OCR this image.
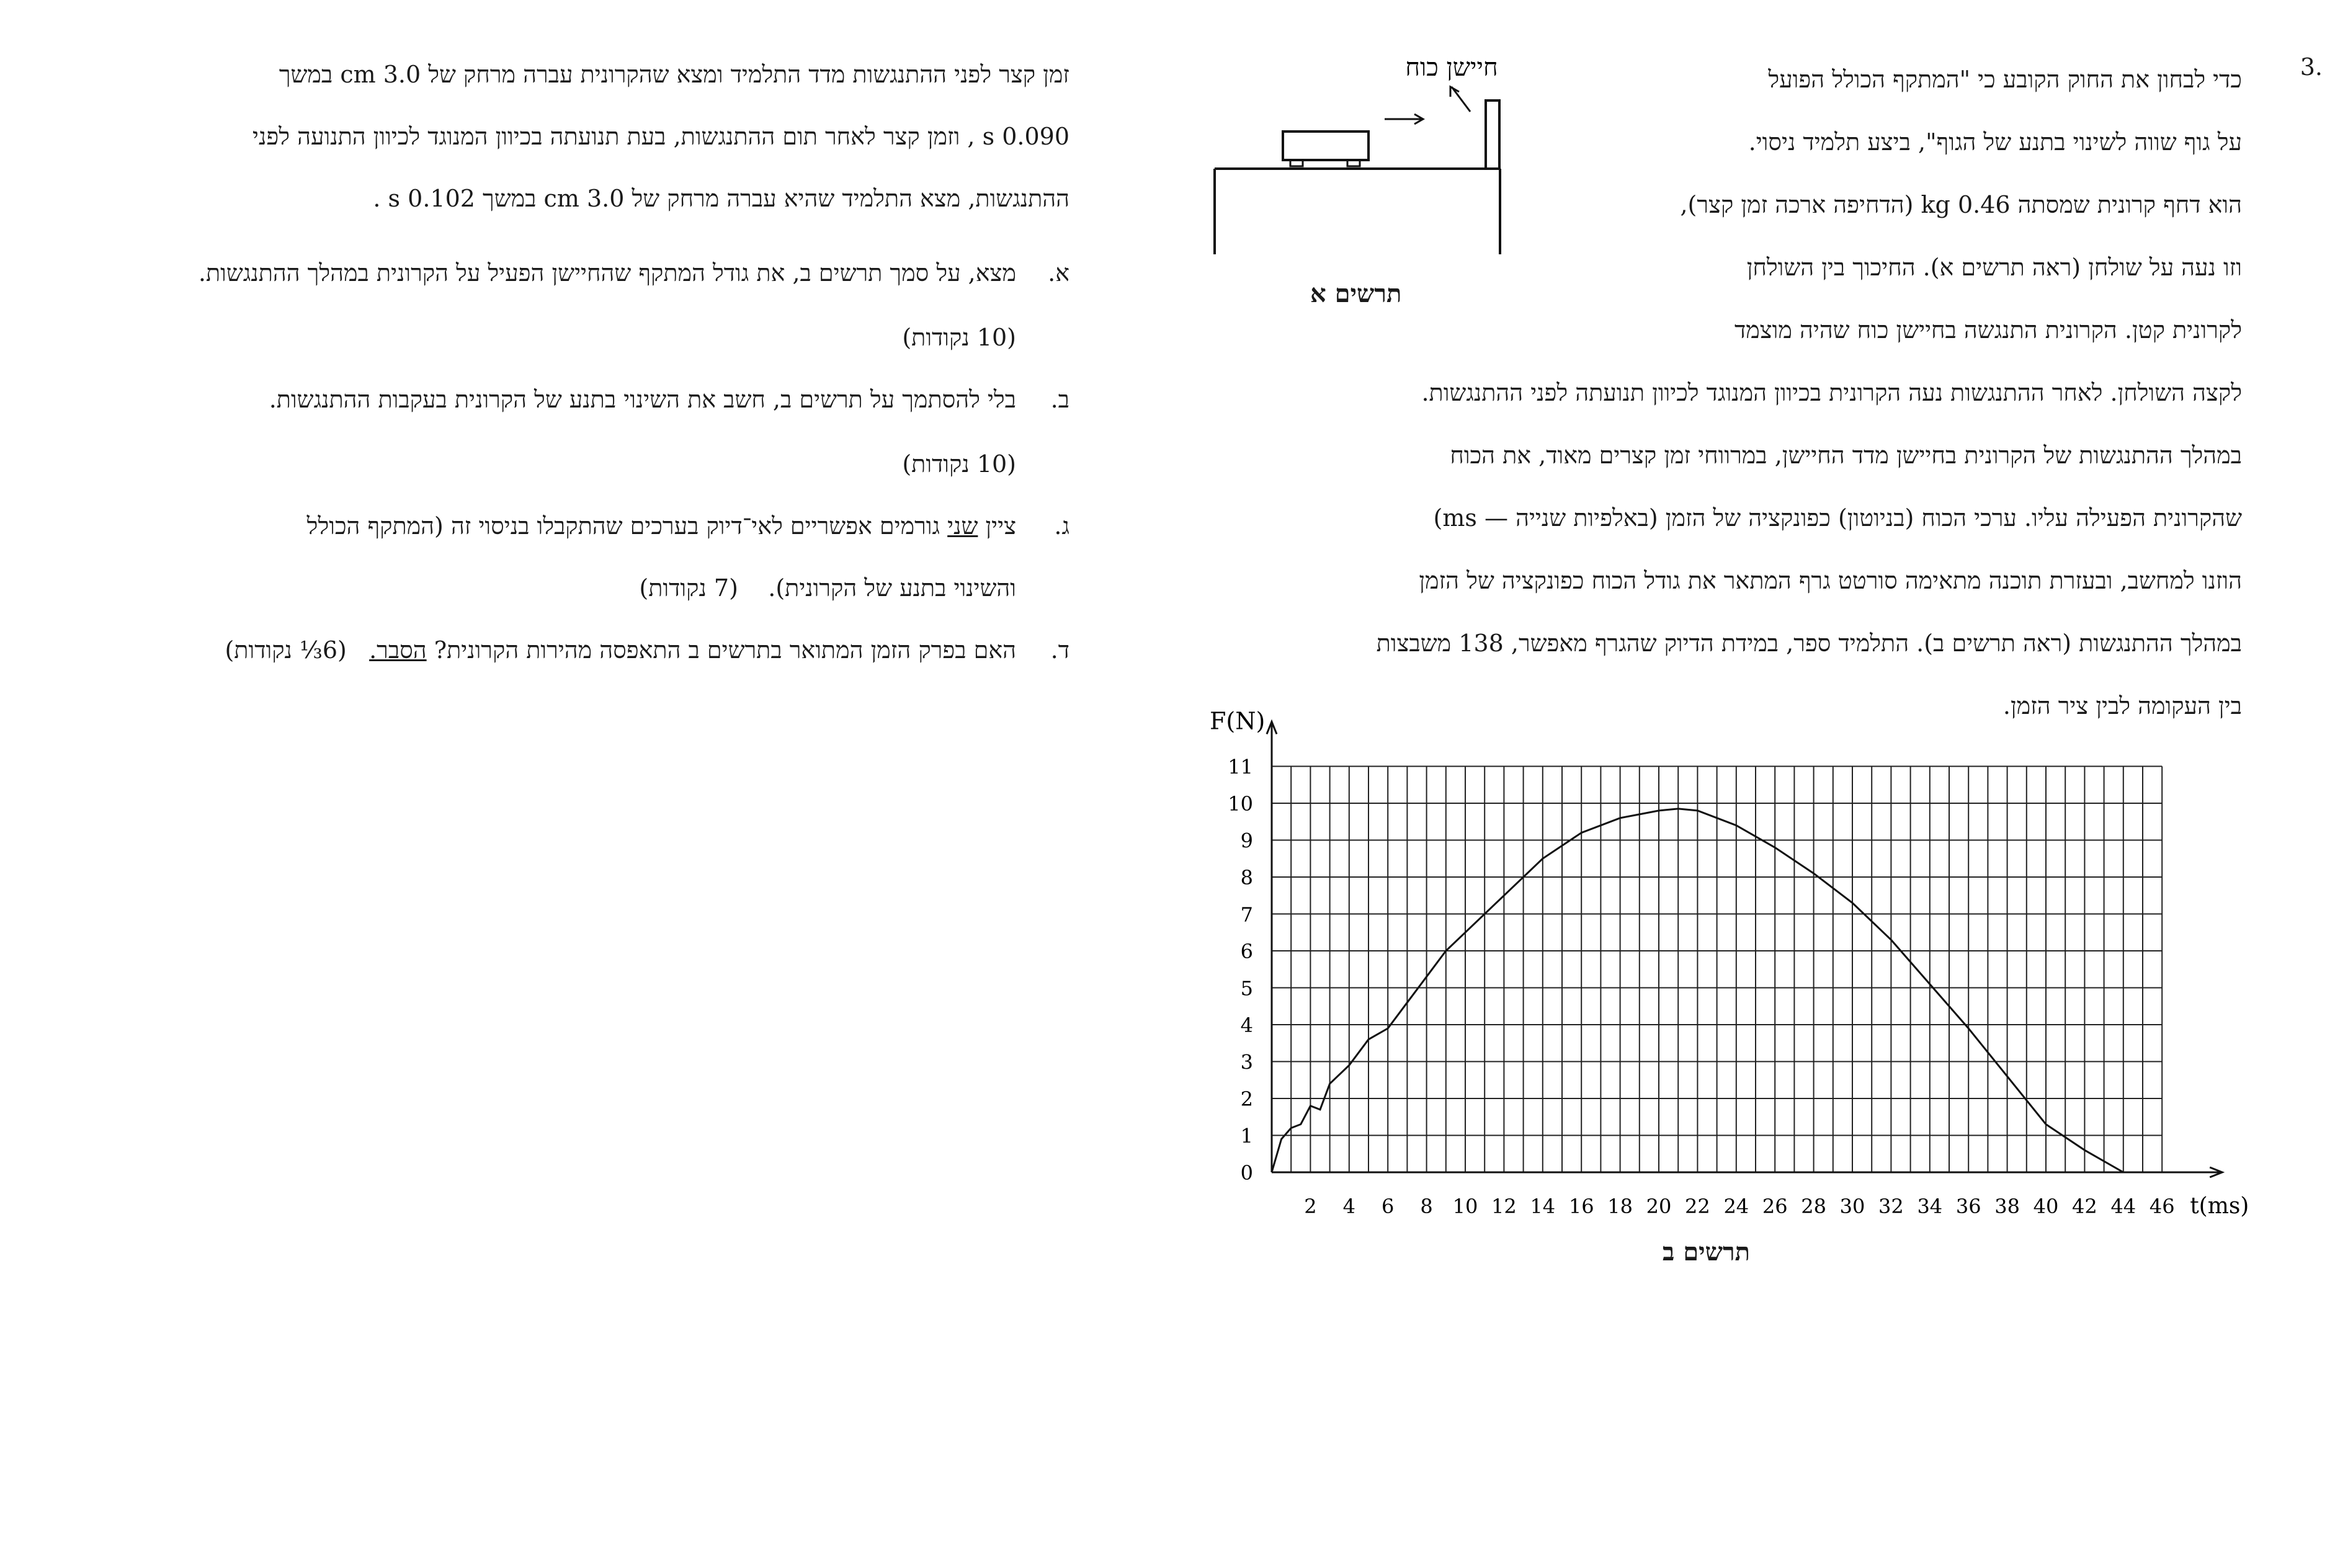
3.

כדי לבחון את החוק הקובע כי "המתקף הכולל הפועל

על גוף שווה לשינוי בתנע של הגוף", ביצע תלמיד ניסוי.

הוא דחף קרונית שמסתה 0.46 kg (הדחיפה ארכה זמן קצר),

וזו נעה על שולחן (ראה תרשים א). החיכוך בין השולחן

לקרונית קטן. הקרונית התנגשה בחיישן כוח שהיה מוצמד

לקצה השולחן. לאחר ההתנגשות נעה הקרונית בכיוון המנוגד לכיוון תנועתה לפני ההתנגשות.

במהלך ההתנגשות של הקרונית בחיישן מדד החיישן, במרווחי זמן קצרים מאוד, את הכוח

שהקרונית הפעילה עליו. ערכי הכוח (בניוטון) כפונקציה של הזמן (באלפיות שנייה — ms)

הוזנו למחשב, ובעזרת תוכנה מתאימה סורטט גרף המתאר את גודל הכוח כפונקציה של הזמן

במהלך ההתנגשות (ראה תרשים ב). התלמיד ספר, במידת הדיוק שהגרף מאפשר, 138 משבצות

בין העקומה לבין ציר הזמן.

חיישן כוח
תרשים א
0
1
2
3
4
5
6
7
8
9
10
11
2 4 6 8 10 12 14 16 18 20 22 24 26 28 30 32 34 36 38 40 42 44 46
F(N)
t(ms)
תרשים ב

זמן קצר לפני ההתנגשות מדד התלמיד ומצא שהקרונית עברה מרחק של 3.0 cm במשך

0.090 s , וזמן קצר לאחר תום ההתנגשות, בעת תנועתה בכיוון המנוגד לכיוון התנועה לפני

ההתנגשות, מצא התלמיד שהיא עברה מרחק של 3.0 cm במשך 0.102 s .

א.
מצא, על סמך תרשים ב, את גודל המתקף שהחיישן הפעיל על הקרונית במהלך ההתנגשות.
(10 נקודות)
ב.
בלי להסתמך על תרשים ב, חשב את השינוי בתנע של הקרונית בעקבות ההתנגשות.
(10 נקודות)
ג.
ציין שני גורמים אפשריים לאי־דיוק בערכים שהתקבלו בניסוי זה (המתקף הכולל
והשינוי בתנע של הקרונית).    (7 נקודות)
ד.
האם בפרק הזמן המתואר בתרשים ב התאפסה מהירות הקרונית? הסבר.   (6⅓ נקודות)
